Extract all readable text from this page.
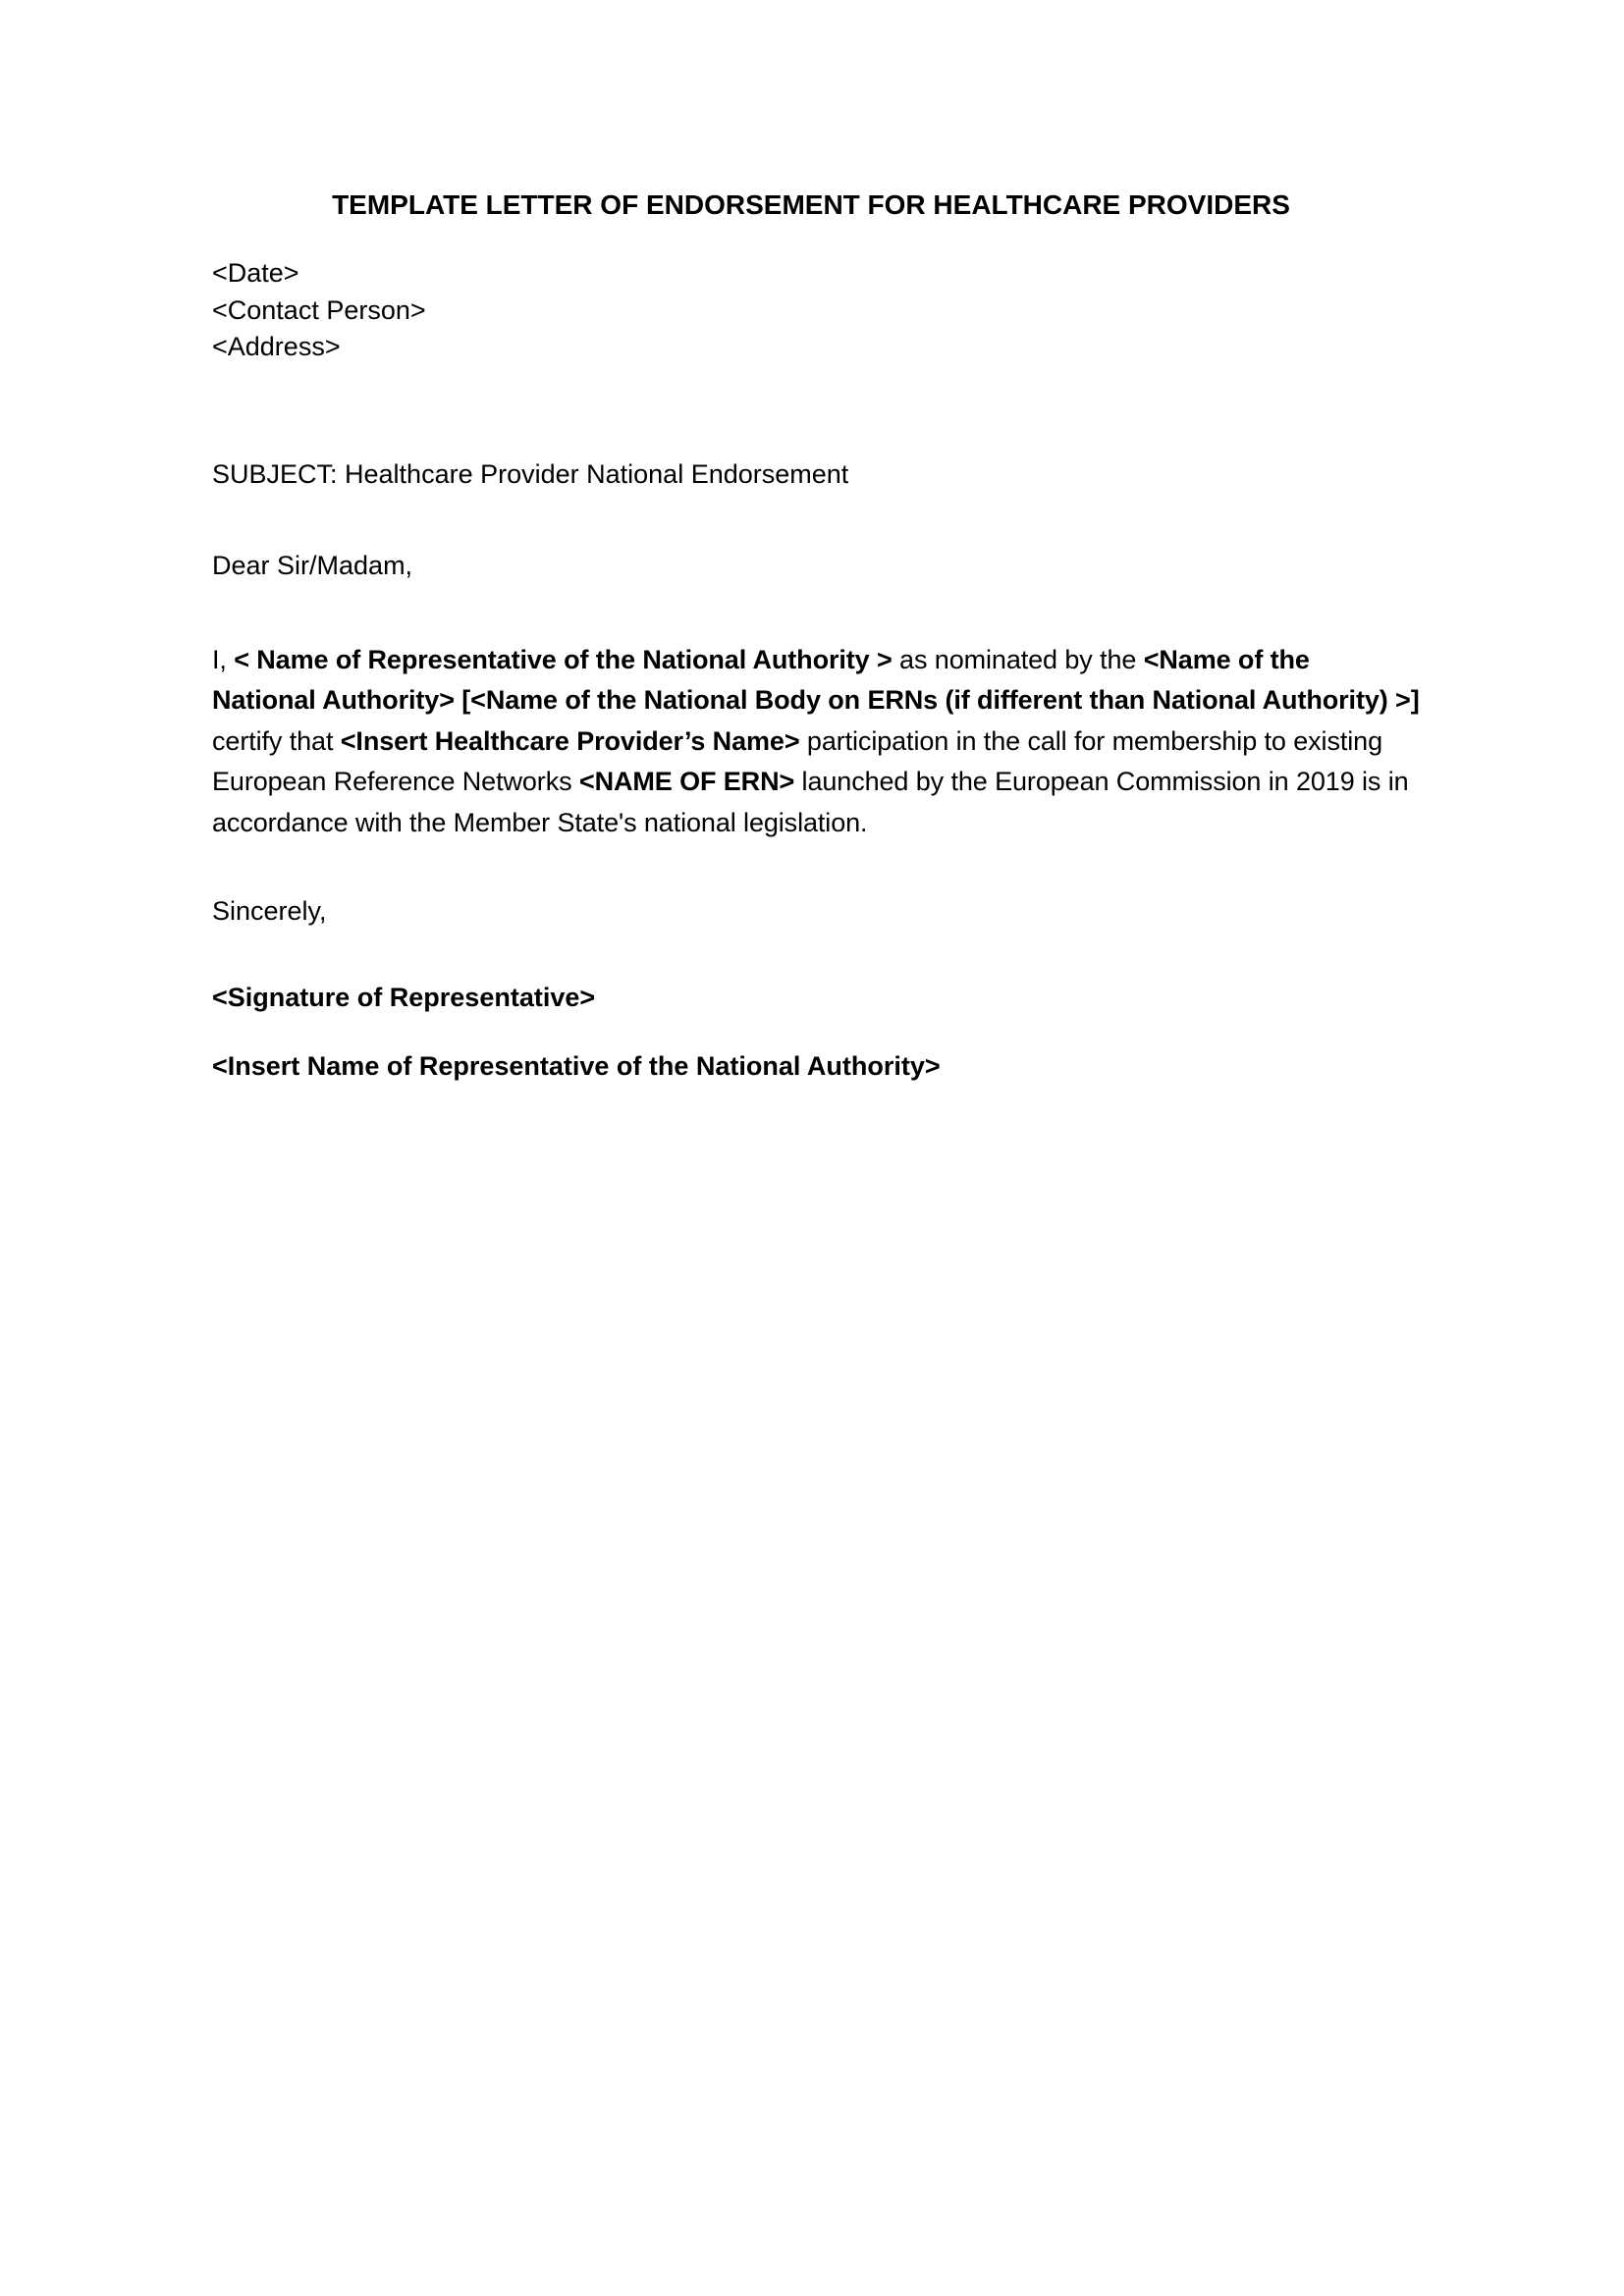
TEMPLATE LETTER OF ENDORSEMENT FOR HEALTHCARE PROVIDERS
<Date>
<Contact Person>
<Address>
SUBJECT: Healthcare Provider National Endorsement
Dear Sir/Madam,
I, < Name of Representative of the National Authority > as nominated by the <Name of the National Authority> [<Name of the National Body on ERNs (if different than National Authority) >] certify that <Insert Healthcare Provider’s Name> participation in the call for membership to existing European Reference Networks <NAME OF ERN> launched by the European Commission in 2019 is in accordance with the Member State's national legislation.
Sincerely,
<Signature of Representative>
<Insert Name of Representative of the National Authority>
